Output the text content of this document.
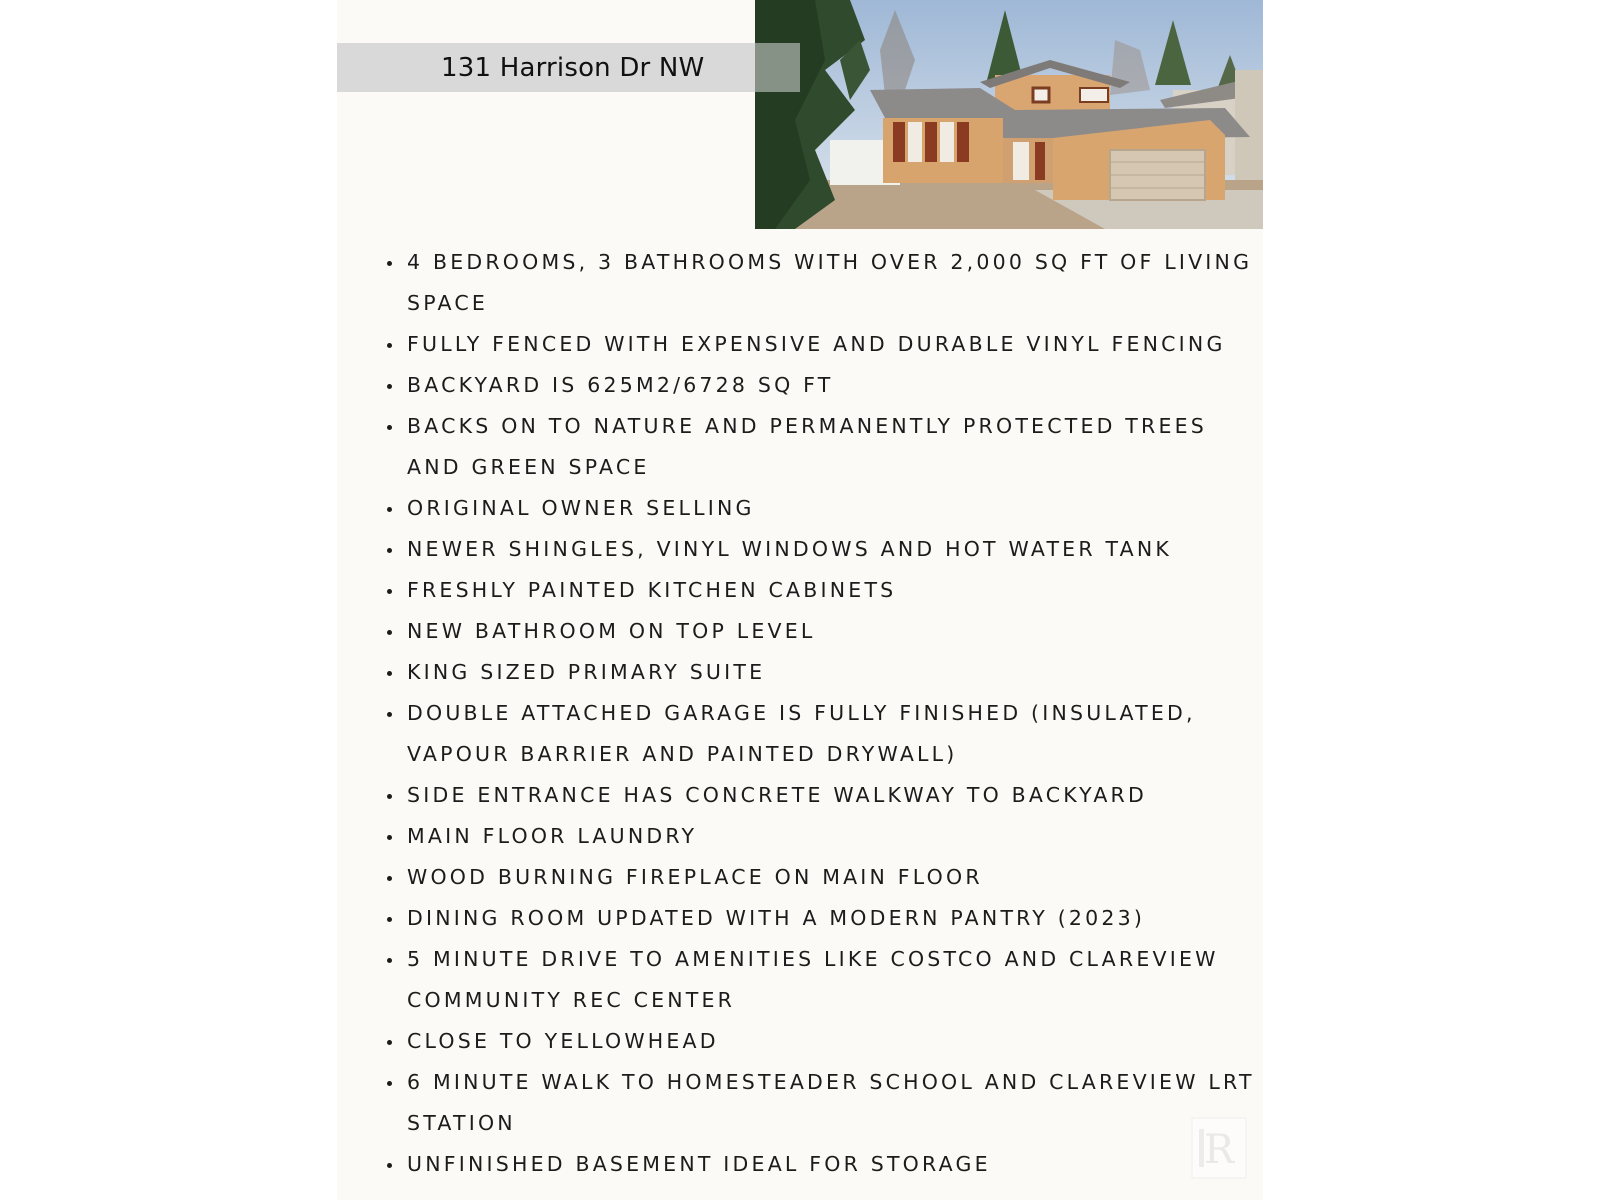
131 Harrison Dr NW
4 BEDROOMS, 3 BATHROOMS WITH OVER 2,000 SQ FT OF LIVING SPACE
FULLY FENCED WITH EXPENSIVE AND DURABLE VINYL FENCING
BACKYARD IS 625M2/6728 SQ FT
BACKS ON TO NATURE AND PERMANENTLY PROTECTED TREES AND GREEN SPACE
ORIGINAL OWNER SELLING
NEWER SHINGLES, VINYL WINDOWS AND HOT WATER TANK
FRESHLY PAINTED KITCHEN CABINETS
NEW BATHROOM ON TOP LEVEL
KING SIZED PRIMARY SUITE
DOUBLE ATTACHED GARAGE IS FULLY FINISHED (INSULATED, VAPOUR BARRIER AND PAINTED DRYWALL)
SIDE ENTRANCE HAS CONCRETE WALKWAY TO BACKYARD
MAIN FLOOR LAUNDRY
WOOD BURNING FIREPLACE ON MAIN FLOOR
DINING ROOM UPDATED WITH A MODERN PANTRY (2023)
5 MINUTE DRIVE TO AMENITIES LIKE COSTCO AND CLAREVIEW COMMUNITY REC CENTER
CLOSE TO YELLOWHEAD
6 MINUTE WALK TO HOMESTEADER SCHOOL AND CLAREVIEW LRT STATION
UNFINISHED BASEMENT IDEAL FOR STORAGE	R
